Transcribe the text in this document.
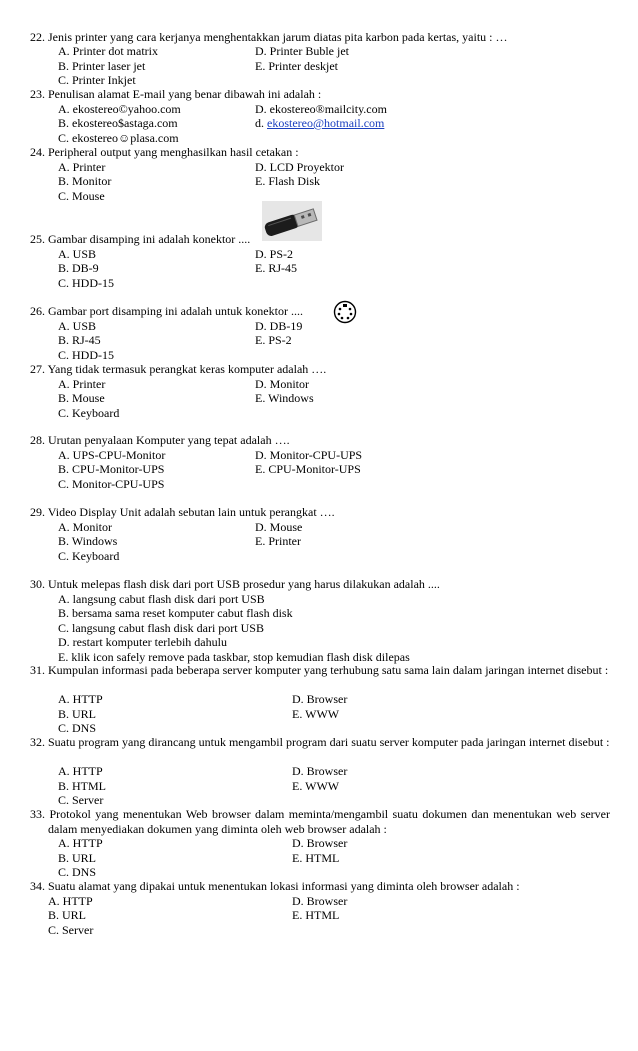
22. Jenis printer yang cara kerjanya menghentakkan jarum diatas pita karbon pada kertas, yaitu : …
A. Printer dot matrix	D. Printer Buble jet
B. Printer laser jet	E. Printer deskjet
C. Printer Inkjet
23. Penulisan alamat E-mail yang benar dibawah ini adalah :
A. ekostereo©yahoo.com	D. ekostereo®mailcity.com
B. ekostereo$astaga.com	d. ekostereo@hotmail.com
C. ekostereo☺plasa.com
24. Peripheral output yang menghasilkan hasil cetakan :
A. Printer	D. LCD Proyektor
B. Monitor	E. Flash Disk
C. Mouse
25. Gambar disamping ini adalah konektor ....
A. USB	D. PS-2
B. DB-9	E. RJ-45
C. HDD-15
26. Gambar port disamping ini adalah untuk konektor ....
A. USB	D. DB-19
B. RJ-45	E. PS-2
C. HDD-15
27. Yang tidak termasuk perangkat keras komputer adalah ….
A. Printer	D. Monitor
B. Mouse	E. Windows
C. Keyboard
28. Urutan penyalaan Komputer yang tepat adalah ….
A. UPS-CPU-Monitor	D. Monitor-CPU-UPS
B. CPU-Monitor-UPS	E. CPU-Monitor-UPS
C. Monitor-CPU-UPS
29. Video Display Unit adalah sebutan lain untuk perangkat ….
A. Monitor	D. Mouse
B. Windows	E. Printer
C. Keyboard
30. Untuk melepas flash disk dari port USB prosedur yang harus dilakukan adalah ....
A. langsung cabut flash disk dari port USB
B. bersama sama reset komputer cabut flash disk
C. langsung cabut flash disk dari port USB
D. restart komputer terlebih dahulu
E. klik icon safely remove pada taskbar, stop kemudian flash disk dilepas
31. Kumpulan informasi pada beberapa server komputer yang terhubung satu sama lain dalam jaringan internet disebut :
A. HTTP	D. Browser
B. URL	E. WWW
C. DNS
32. Suatu program yang dirancang untuk mengambil program dari suatu server komputer pada jaringan internet disebut :
A. HTTP	D. Browser
B. HTML	E. WWW
C. Server
33. Protokol yang menentukan Web browser dalam meminta/mengambil suatu dokumen dan menentukan web server dalam menyediakan dokumen yang diminta oleh web browser adalah :
A. HTTP	D. Browser
B. URL	E. HTML
C. DNS
34. Suatu alamat yang dipakai untuk menentukan lokasi informasi yang diminta oleh browser adalah :
A. HTTP	D. Browser
B. URL	E. HTML
C. Server
